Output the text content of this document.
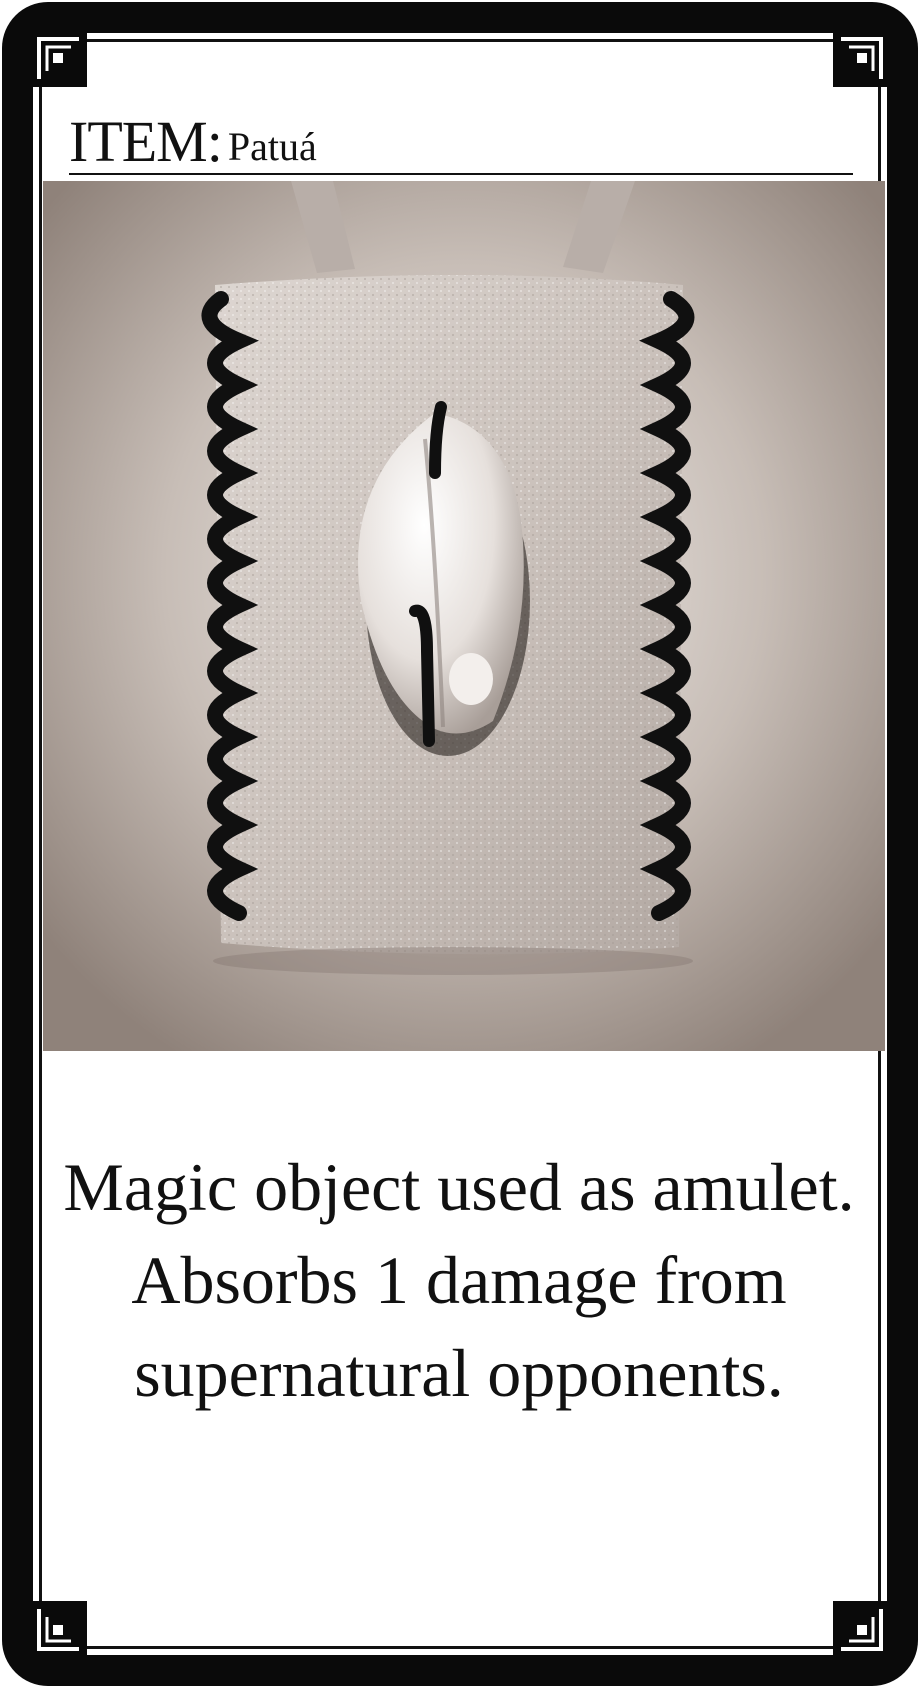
ITEM: Patuá
Magic object used as amulet. Absorbs 1 damage from supernatural opponents.
